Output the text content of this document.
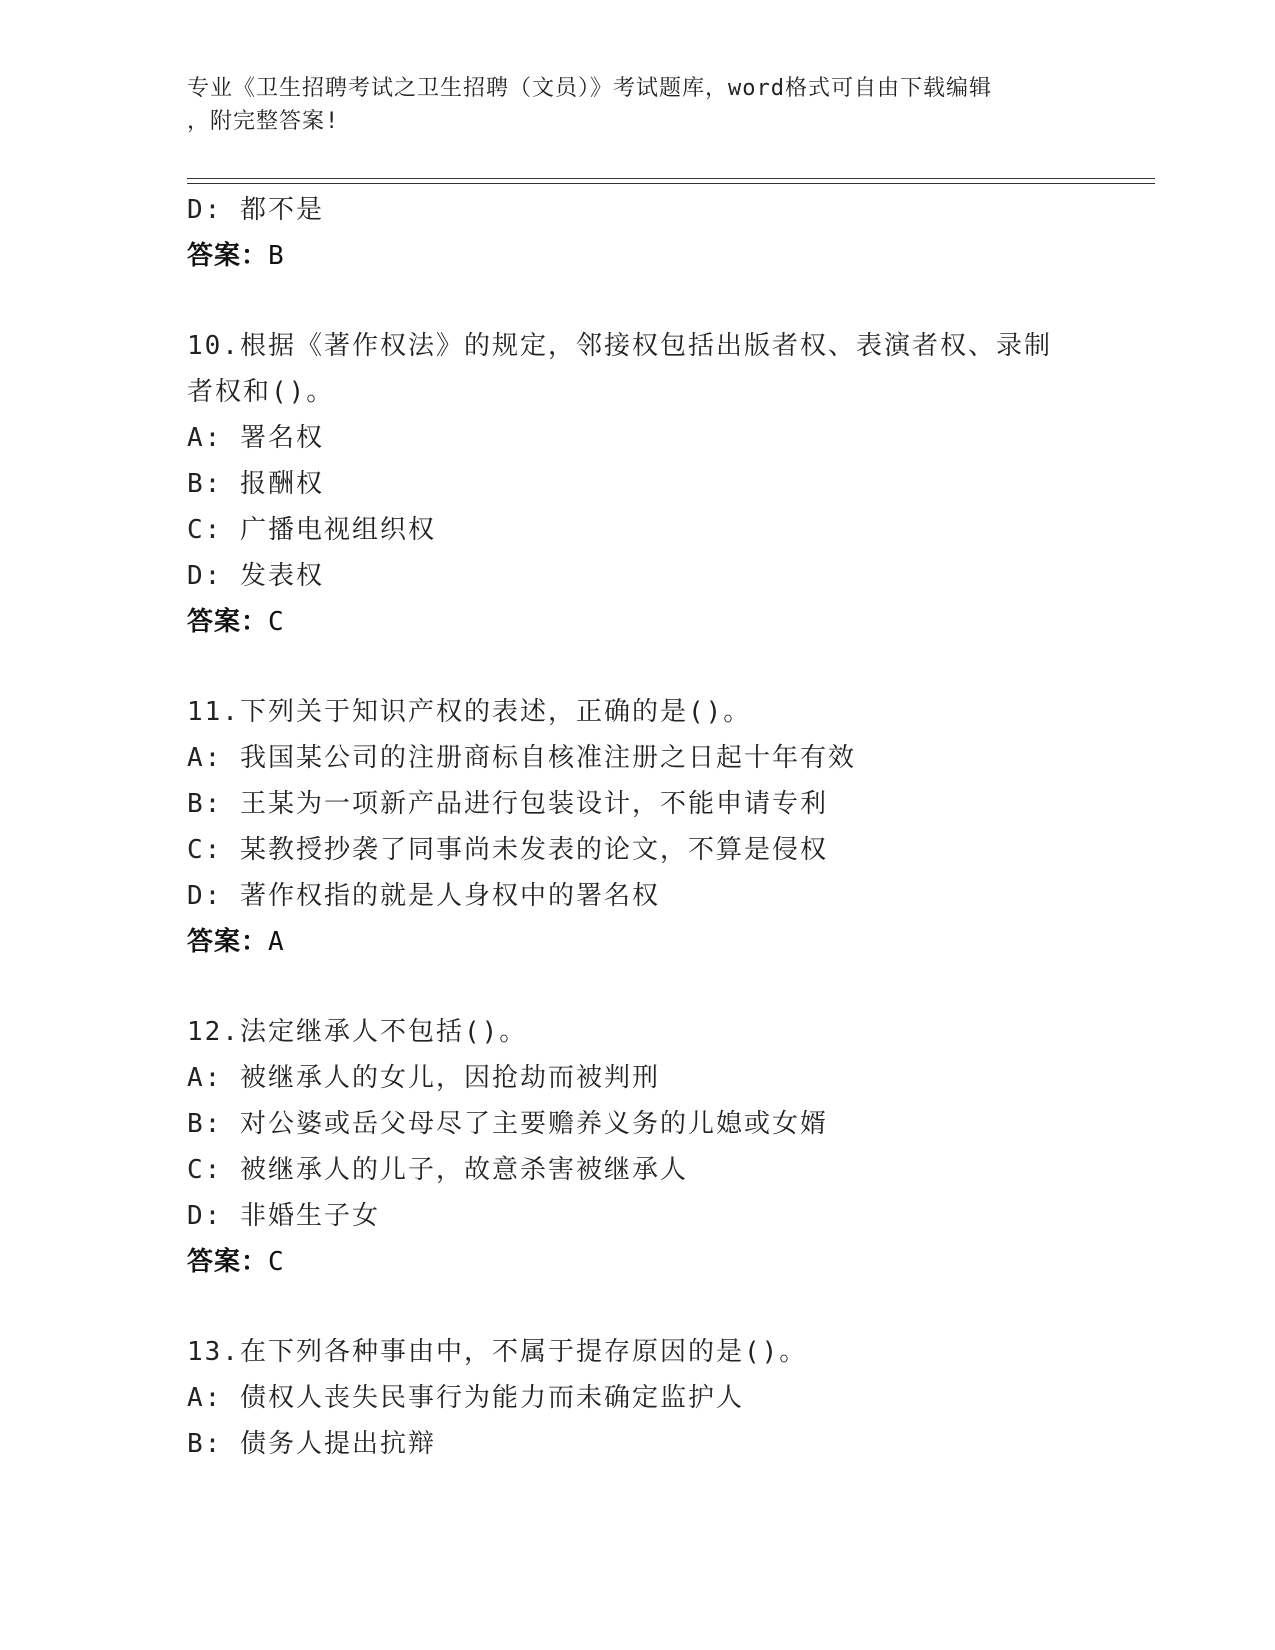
专业《卫生招聘考试之卫生招聘（文员）》考试题库，word格式可自由下载编辑
，附完整答案!
D: 都不是
答案：B
10.根据《著作权法》的规定，邻接权包括出版者权、表演者权、录制
者权和()。
A: 署名权
B: 报酬权
C: 广播电视组织权
D: 发表权
答案：C
11.下列关于知识产权的表述，正确的是()。
A: 我国某公司的注册商标自核准注册之日起十年有效
B: 王某为一项新产品进行包装设计，不能申请专利
C: 某教授抄袭了同事尚未发表的论文，不算是侵权
D: 著作权指的就是人身权中的署名权
答案：A
12.法定继承人不包括()。
A: 被继承人的女儿，因抢劫而被判刑
B: 对公婆或岳父母尽了主要赡养义务的儿媳或女婿
C: 被继承人的儿子，故意杀害被继承人
D: 非婚生子女
答案：C
13.在下列各种事由中，不属于提存原因的是()。
A: 债权人丧失民事行为能力而未确定监护人
B: 债务人提出抗辩
